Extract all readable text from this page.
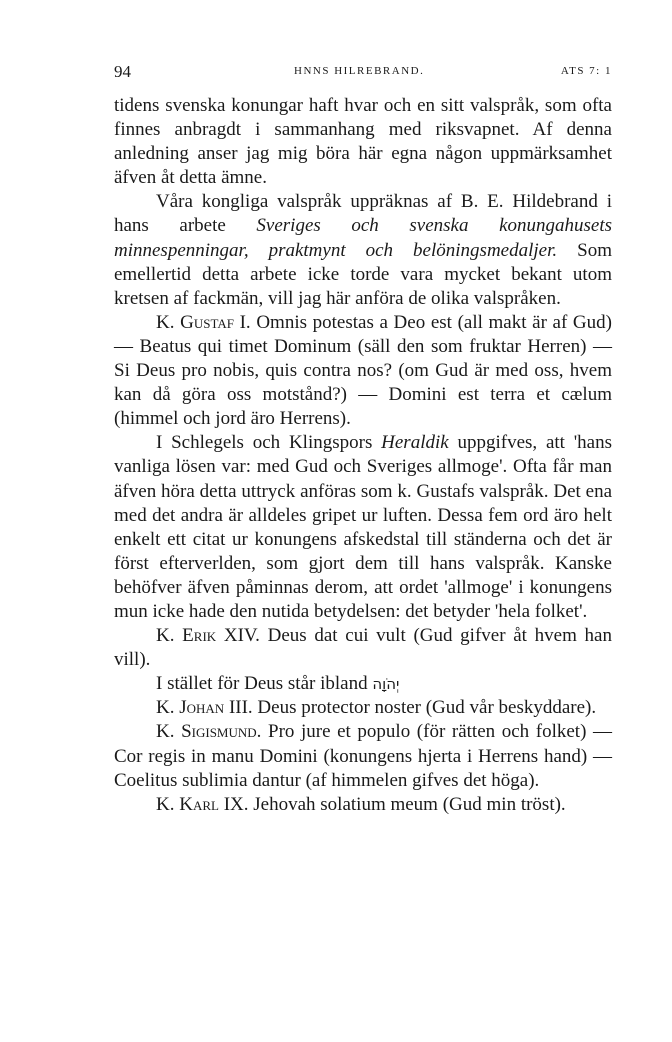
94	HNNS HILREBRAND.	ATS 7: 1

tidens svenska konungar haft hvar och en sitt valspråk, som ofta finnes anbragdt i sammanhang med riksvapnet. Af denna anledning anser jag mig böra här egna någon uppmärksamhet äfven åt detta ämne.

Våra kongliga valspråk uppräknas af B. E. Hildebrand i hans arbete Sveriges och svenska konungahusets minnespenningar, praktmynt och belöningsmedaljer. Som emellertid detta arbete icke torde vara mycket bekant utom kretsen af fackmän, vill jag här anföra de olika valspråken.

K. Gustaf I. Omnis potestas a Deo est (all makt är af Gud) — Beatus qui timet Dominum (säll den som fruktar Herren) — Si Deus pro nobis, quis contra nos? (om Gud är med oss, hvem kan då göra oss motstånd?) — Domini est terra et cælum (himmel och jord äro Herrens).

I Schlegels och Klingspors Heraldik uppgifves, att 'hans vanliga lösen var: med Gud och Sveriges allmoge'. Ofta får man äfven höra detta uttryck anföras som k. Gustafs valspråk. Det ena med det andra är alldeles gripet ur luften. Dessa fem ord äro helt enkelt ett citat ur konungens afskedstal till ständerna och det är först efterverlden, som gjort dem till hans valspråk. Kanske behöfver äfven påminnas derom, att ordet 'allmoge' i konungens mun icke hade den nutida betydelsen: det betyder 'hela folket'.

K. Erik XIV. Deus dat cui vult (Gud gifver åt hvem han vill).

I stället för Deus står ibland יְהֹוָה

K. Johan III. Deus protector noster (Gud vår beskyddare).

K. Sigismund. Pro jure et populo (för rätten och folket) — Cor regis in manu Domini (konungens hjerta i Herrens hand) — Coelitus sublimia dantur (af himmelen gifves det höga).

K. Karl IX. Jehovah solatium meum (Gud min tröst).
